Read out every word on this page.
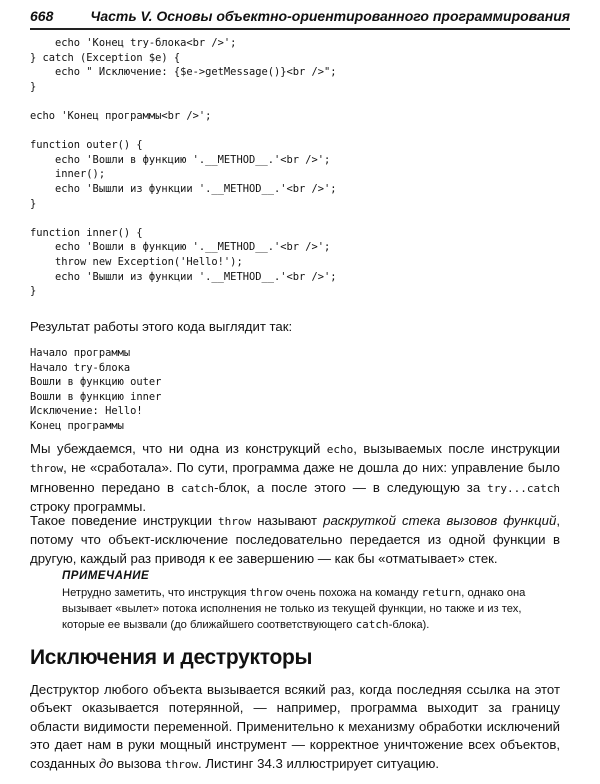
668	Часть V. Основы объектно-ориентированного программирования
echo 'Конец try-блока<br />';
} catch (Exception $e) {
echo " Исключение: {$e->getMessage()}<br />";
}

echo 'Конец программы<br />';

function outer() {
echo 'Вошли в функцию '.__METHOD__.'<br />';
inner();
echo 'Вышли из функции '.__METHOD__.'<br />';
}

function inner() {
echo 'Вошли в функцию '.__METHOD__.'<br />';
throw new Exception('Hello!');
echo 'Вышли из функции '.__METHOD__.'<br />';
}

Результат работы этого кода выглядит так:

Начало программы
Начало try-блока
Вошли в функцию outer
Вошли в функцию inner
Исключение: Hello!
Конец программы

Мы убеждаемся, что ни одна из конструкций echo, вызываемых после инструкции throw, не «сработала». По сути, программа даже не дошла до них: управление было мгновенно передано в catch-блок, а после этого — в следующую за try...catch строку программы.

Такое поведение инструкции throw называют раскруткой стека вызовов функций, потому что объект-исключение последовательно передается из одной функции в другую, каждый раз приводя к ее завершению — как бы «отматывает» стек.

ПРИМЕЧАНИЕ

Нетрудно заметить, что инструкция throw очень похожа на команду return, однако она вызывает «вылет» потока исполнения не только из текущей функции, но также и из тех, которые ее вызвали (до ближайшего соответствующего catch-блока).

Исключения и деструкторы

Деструктор любого объекта вызывается всякий раз, когда последняя ссылка на этот объект оказывается потерянной, — например, программа выходит за границу области видимости переменной. Применительно к механизму обработки исключений это дает нам в руки мощный инструмент — корректное уничтожение всех объектов, созданных до вызова throw. Листинг 34.3 иллюстрирует ситуацию.
